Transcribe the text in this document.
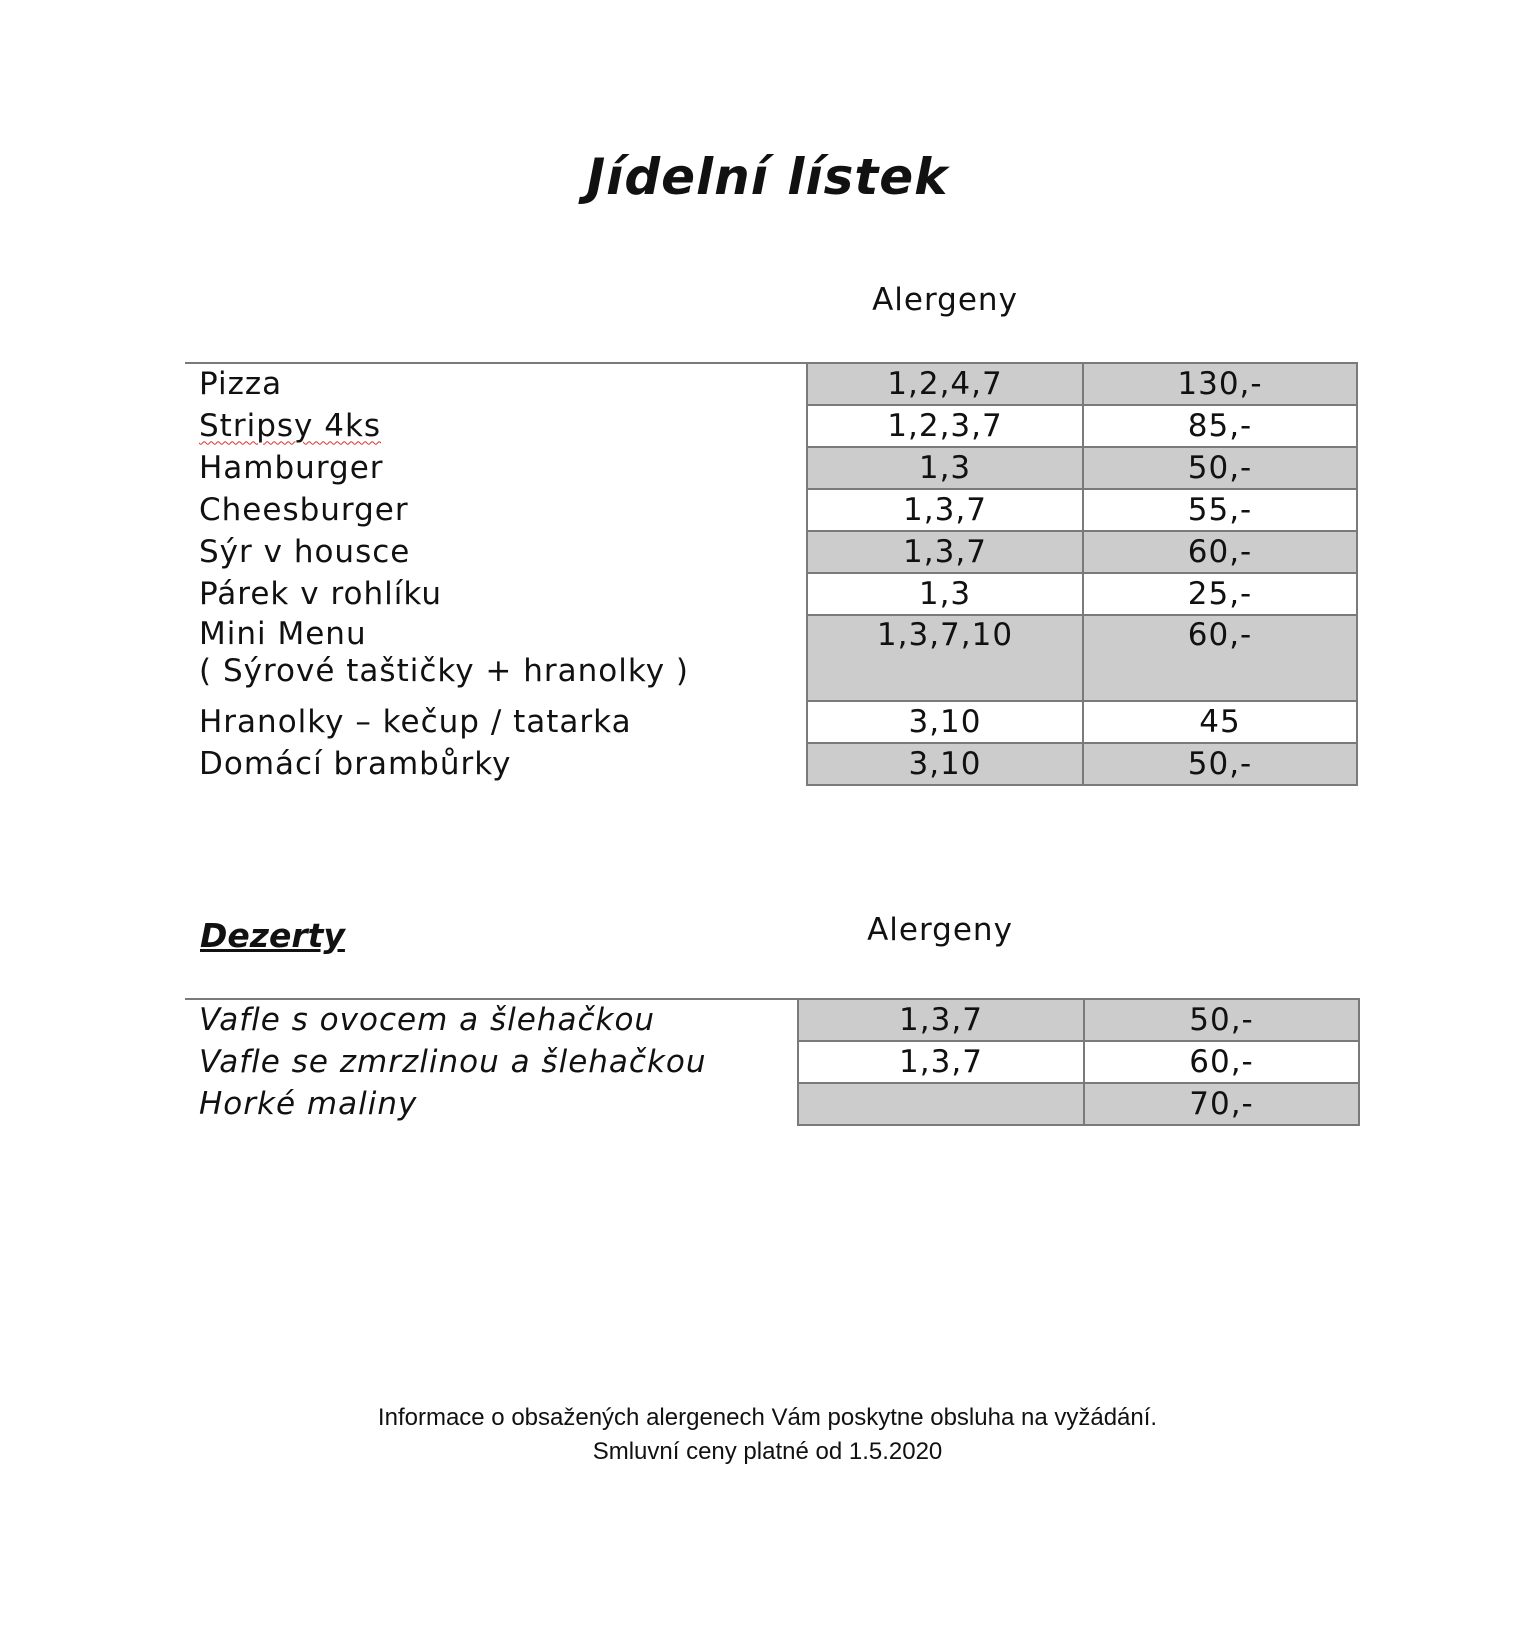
Jídelní lístek
Alergeny
Pizza	1,2,4,7	130,-
Stripsy 4ks	1,2,3,7	85,-
Hamburger	1,3	50,-
Cheesburger	1,3,7	55,-
Sýr v housce	1,3,7	60,-
Párek v rohlíku	1,3	25,-
Mini Menu
( Sýrové taštičky + hranolky )	1,3,7,10	60,-
Hranolky – kečup / tatarka	3,10	45
Domácí brambůrky	3,10	50,-
Dezerty	Alergeny
Vafle s ovocem a šlehačkou	1,3,7	50,-
Vafle se zmrzlinou a šlehačkou	1,3,7	60,-
Horké maliny		70,-
Informace o obsažených alergenech Vám poskytne obsluha na vyžádání.
Smluvní ceny platné od 1.5.2020
